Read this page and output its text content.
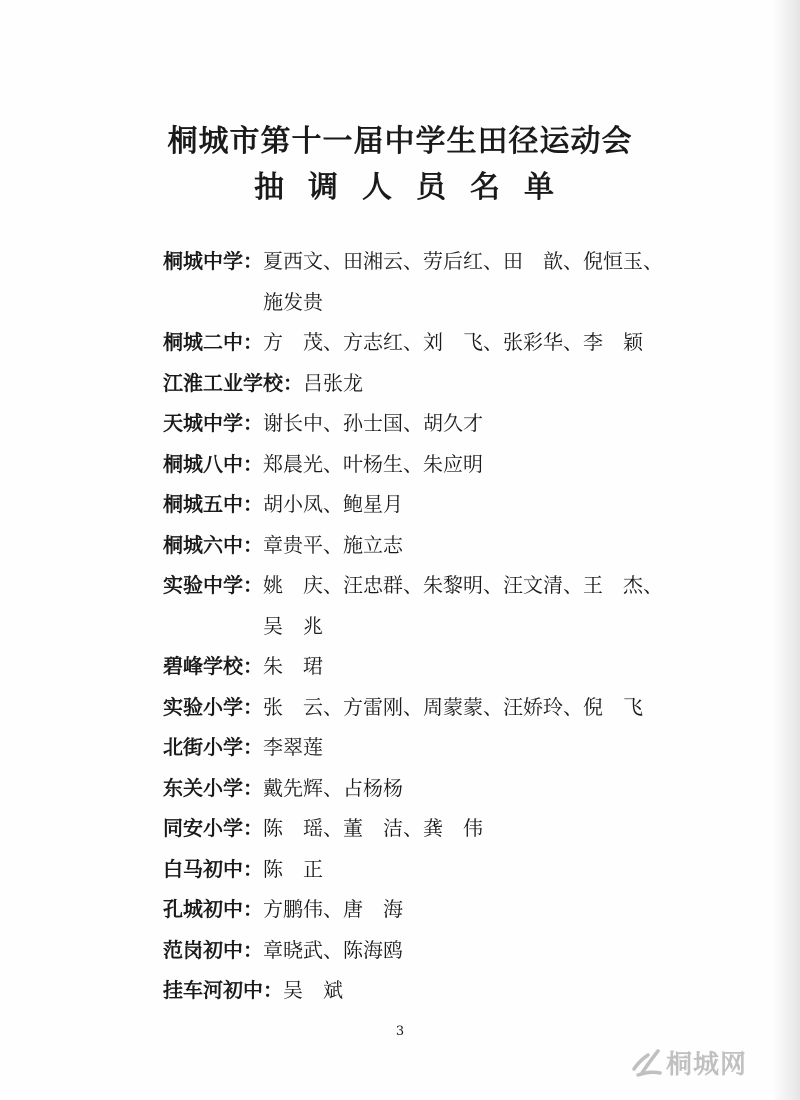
桐城市第十一届中学生田径运动会
抽调人员名单
桐城中学： 夏西文、田湘云、劳后红、田　歆、倪恒玉、施发贵
桐城二中： 方　茂、方志红、刘　飞、张彩华、李　颖
江淮工业学校： 吕张龙
天城中学： 谢长中、孙士国、胡久才
桐城八中： 郑晨光、叶杨生、朱应明
桐城五中： 胡小凤、鲍星月
桐城六中： 章贵平、施立志
实验中学： 姚　庆、汪忠群、朱黎明、汪文清、王　杰、吴　兆
碧峰学校： 朱　珺
实验小学： 张　云、方雷刚、周蒙蒙、汪娇玲、倪　飞
北街小学： 李翠莲
东关小学： 戴先辉、占杨杨
同安小学： 陈　瑶、董　洁、龚　伟
白马初中： 陈　正
孔城初中： 方鹏伟、唐　海
范岗初中： 章晓武、陈海鸥
挂车河初中： 吴　斌
3
桐城网
